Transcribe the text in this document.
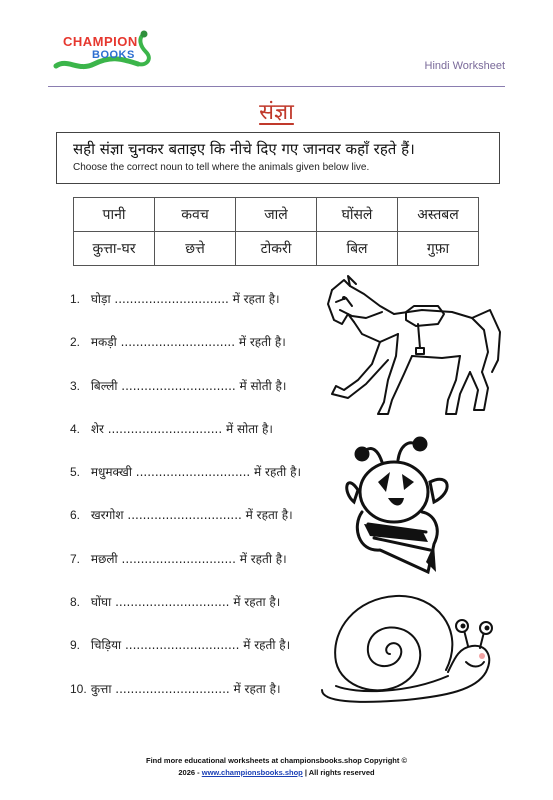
CHAMPION
BOOKS
Hindi Worksheet
संज्ञा
सही संज्ञा चुनकर बताइए कि नीचे दिए गए जानवर कहाँ रहते हैं।
Choose the correct noun to tell where the animals given below live.
पानी	कवच	जाले	घोंसले	अस्तबल
कुत्ता-घर	छत्ते	टोकरी	बिल	गुफ़ा
1. घोड़ा .............................. में रहता है।
2. मकड़ी .............................. में रहती है।
3. बिल्ली .............................. में सोती है।
4. शेर .............................. में सोता है।
5. मधुमक्खी .............................. में रहती है।
6. खरगोश .............................. में रहता है।
7. मछली .............................. में रहती है।
8. घोंघा .............................. में रहता है।
9. चिड़िया .............................. में रहती है।
10. कुत्ता .............................. में रहता है।
Find more educational worksheets at championsbooks.shop Copyright ©
2026 - www.championsbooks.shop | All rights reserved
